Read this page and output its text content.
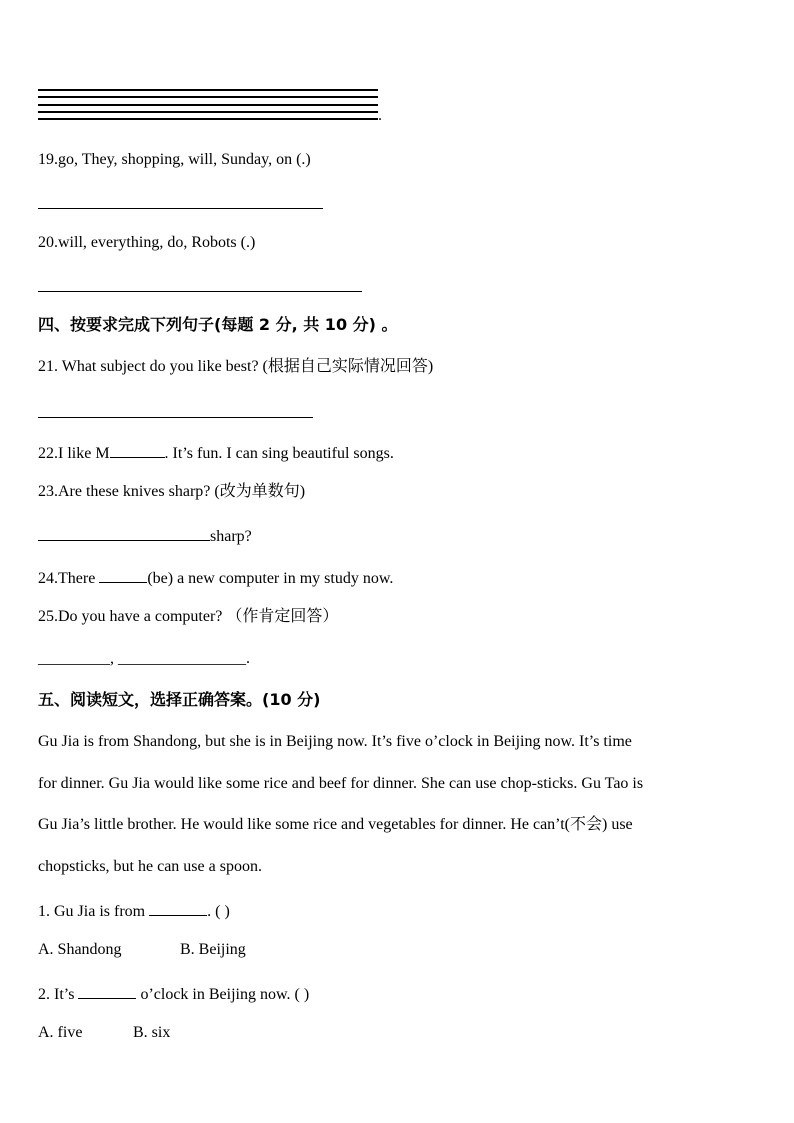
.
19.go, They, shopping, will, Sunday, on (.)
20.will, everything, do, Robots (.)
四、按要求完成下列句子(每题 2 分, 共 10 分) 。
21. What subject do you like best? (根据自己实际情况回答)
22.I like M	. It’s fun. I can sing beautiful songs.
23.Are these knives sharp? (改为单数句)
sharp?
24.There	(be) a new computer in my study now.
25.Do you have a computer? （作肯定回答）
_________, ________________.
五、阅读短文，选择正确答案。(10 分)
Gu Jia is from Shandong, but she is in Beijing now. It’s five o’clock in Beijing now. It’s time
for dinner. Gu Jia would like some rice and beef for dinner. She can use chop-sticks. Gu Tao is
Gu Jia’s little brother. He would like some rice and vegetables for dinner. He can’t(不会) use
chopsticks, but he can use a spoon.
1. Gu Jia is from	. ( )
A. Shandong	B. Beijing
2. It’s	o’clock in Beijing now. ( )
A. five	B. six
